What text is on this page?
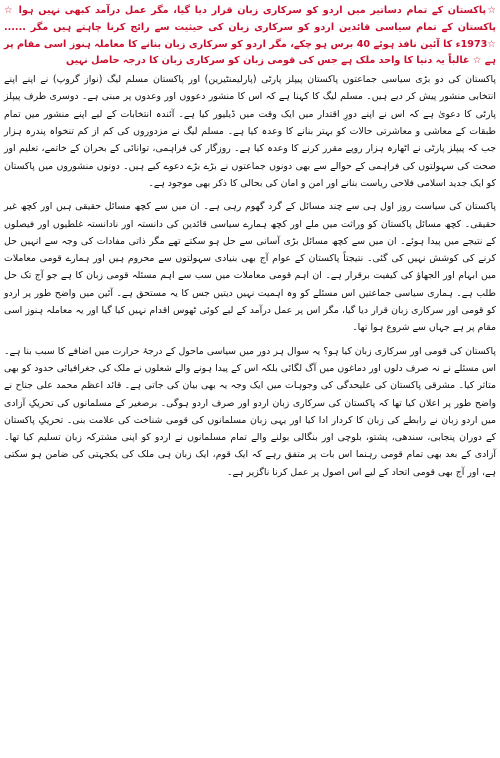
☆پاکستان کے تمام دساتیر میں اردو کو سرکاری زبان قرار دیا گیا، مگر عمل درآمد کبھی نہیں ہوا ☆ پاکستان کے تمام سیاسی قائدین اردو کو سرکاری زبان کی حیثیت سے رائج کرنا چاہتے ہیں مگر ...... ☆1973ء کا آئین نافذ ہوئے 40 برس ہو چکے، مگر اردو کو سرکاری زبان بنانے کا معاملہ ہنوز اسی مقام پر ہے ☆ غالباً یہ دنیا کا واحد ملک ہے جس کی قومی زبان کو سرکاری زبان کا درجہ حاصل نہیں

پاکستان کی دو بڑی سیاسی جماعتوں پاکستان پیپلز پارٹی (پارلیمنٹیرین) اور پاکستان مسلم لیگ (نواز گروپ) نے اپنے اپنے انتخابی منشور پیش کر دیے ہیں۔ مسلم لیگ کا کہنا ہے کہ اس کا منشور دعووں اور وعدوں پر مبنی ہے۔ دوسری طرف پیپلز پارٹی کا دعویٰ ہے کہ اس نے اپنے دورِ اقتدار میں ایک وقت میں ڈیلیور کیا ہے۔ آئندہ انتخابات کے لیے اپنے منشور میں تمام طبقات کے معاشی و معاشرتی حالات کو بہتر بنانے کا وعدہ کیا ہے۔ مسلم لیگ نے مزدوروں کی کم از کم تنخواہ پندرہ ہزار جب کہ پیپلز پارٹی نے اٹھارہ ہزار روپے مقرر کرنے کا وعدہ کیا ہے۔ روزگار کی فراہمی، توانائی کے بحران کے خاتمے، تعلیم اور صحت کی سہولتوں کی فراہمی کے حوالے سے بھی دونوں جماعتوں نے بڑے بڑے دعوے کیے ہیں۔ دونوں منشوروں میں پاکستان کو ایک جدید اسلامی فلاحی ریاست بنانے اور امن و امان کی بحالی کا ذکر بھی موجود ہے۔

پاکستان کی سیاست روز اول ہی سے چند مسائل کے گرد گھوم رہی ہے۔ ان میں سے کچھ مسائل حقیقی ہیں اور کچھ غیر حقیقی۔ کچھ مسائل پاکستان کو وراثت میں ملے اور کچھ ہمارے سیاسی قائدین کی دانستہ اور نادانستہ غلطیوں اور فیصلوں کے نتیجے میں پیدا ہوئے۔ ان میں سے کچھ مسائل بڑی آسانی سے حل ہو سکتے تھے مگر ذاتی مفادات کی وجہ سے انہیں حل کرنے کی کوشش نہیں کی گئی۔ نتیجتاً پاکستان کے عوام آج بھی بنیادی سہولتوں سے محروم ہیں اور ہمارے قومی معاملات میں ابہام اور الجھاؤ کی کیفیت برقرار ہے۔ ان اہم قومی معاملات میں سب سے اہم مسئلہ قومی زبان کا ہے جو آج تک حل طلب ہے۔ ہماری سیاسی جماعتیں اس مسئلے کو وہ اہمیت نہیں دیتیں جس کا یہ مستحق ہے۔ آئین میں واضح طور پر اردو کو قومی اور سرکاری زبان قرار دیا گیا، مگر اس پر عمل درآمد کے لیے کوئی ٹھوس اقدام نہیں کیا گیا اور یہ معاملہ ہنوز اسی مقام پر ہے جہاں سے شروع ہوا تھا۔

پاکستان کی قومی اور سرکاری زبان کیا ہو؟ یہ سوال ہر دور میں سیاسی ماحول کے درجۂ حرارت میں اضافے کا سبب بنا ہے۔ اس مسئلے نے نہ صرف دلوں اور دماغوں میں آگ لگائی بلکہ اس کے پیدا ہونے والے شعلوں نے ملک کی جغرافیائی حدود کو بھی متاثر کیا۔ مشرقی پاکستان کی علیحدگی کی وجوہات میں ایک وجہ یہ بھی بیان کی جاتی ہے۔ قائد اعظم محمد علی جناح نے واضح طور پر اعلان کیا تھا کہ پاکستان کی سرکاری زبان اردو اور صرف اردو ہوگی۔ برصغیر کے مسلمانوں کی تحریکِ آزادی میں اردو زبان نے رابطے کی زبان کا کردار ادا کیا اور یہی زبان مسلمانوں کی قومی شناخت کی علامت بنی۔ تحریکِ پاکستان کے دوران پنجابی، سندھی، پشتو، بلوچی اور بنگالی بولنے والے تمام مسلمانوں نے اردو کو اپنی مشترکہ زبان تسلیم کیا تھا۔ آزادی کے بعد بھی تمام قومی رہنما اس بات پر متفق رہے کہ ایک قوم، ایک زبان ہی ملک کی یکجہتی کی ضامن ہو سکتی ہے، اور آج بھی قومی اتحاد کے لیے اس اصول پر عمل کرنا ناگزیر ہے۔
